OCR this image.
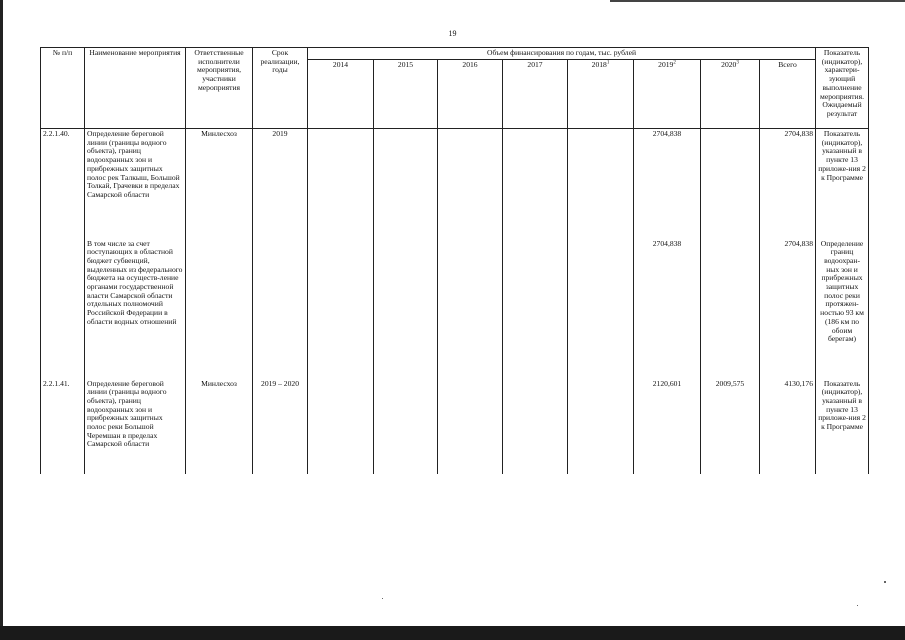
19
№ п/п	Наименование мероприятия	Ответственные исполнители мероприятия, участники мероприятия	Срок реализации, годы	Объем финансирования по годам, тыс. рублей								Показатель (индикатор), характери-зующий выполнение мероприятия. Ожидаемый результат
				2014	2015	2016	2017	2018$^1$	2019$^2$	2020$^3$	Всего	
2.2.1.40.	Определение береговой линии (границы водного объекта), границ водоохранных зон и прибрежных защитных полос рек Талкыш, Большой Толкай, Грачевки в пределах Самарской области	Минлесхоз	2019						2704,838		2704,838	Показатель (индикатор), указанный в пункте 13 приложе-ния 2 к Программе
	В том числе за счет поступающих в областной бюджет субвенций, выделенных из федерального бюджета на осуществ-ление органами государственной власти Самарской области отдельных полномочий Российской Федерации в области водных отношений								2704,838		2704,838	Определение границ водоохран-ных зон и прибрежных защитных полос реки протяжен-ностью 93 км (186 км по обоим берегам)
2.2.1.41.	Определение береговой линии (границы водного объекта), границ водоохранных зон и прибрежных защитных полос реки Большой Черемшан в пределах Самарской области	Минлесхоз	2019 – 2020						2120,601	2009,575	4130,176	Показатель (индикатор), указанный в пункте 13 приложе-ния 2 к Программе
